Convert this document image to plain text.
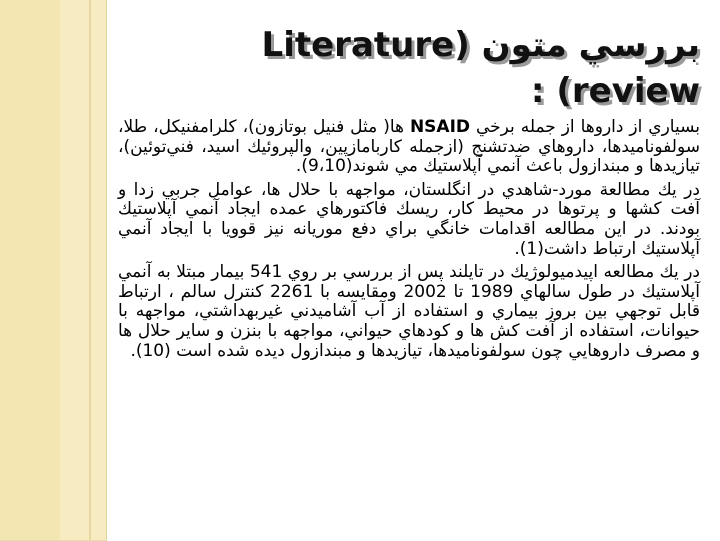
بررسي متون (Literature
review) :

بسياري از داروها از جمله برخي NSAID ها( مثل فنيل بوتازون)، كلرامفنيكل، طلا، سولفوناميدها، داروهاي ضدتشنج (ازجمله كاربامازپين، والپروئيك اسيد، فني‌توئين)، تيازيدها و مبندازول باعث آنمي آپلاستيك مي شوند(9،10).

در يك مطالعة مورد-شاهدي در انگلستان، مواجهه با حلال ها، عوامل جربي زدا و آفت كشها و پرتوها در محيط كار، ريسك فاكتورهاي عمده ايجاد آنمي آپلاستيك بودند. در اين مطالعه اقدامات خانگي براي دفع موريانه نيز قوويا با ايجاد آنمي آپلاستيك ارتباط داشت(1).

در يك مطالعه اپيدميولوژيك در تايلند پس از بررسي بر روي 541 بيمار مبتلا به آنمي آپلاستيك در طول سالهاي 1989 تا 2002 ومقايسه با 2261 كنترل سالم ، ارتباط قابل توجهي بين بروز بيماري و استفاده از آب آشاميدني غيربهداشتي، مواجهه با حيوانات، استفاده از آفت كش ها و كودهاي حيواني، مواجهه با بنزن و ساير حلال ها و مصرف داروهايي چون سولفوناميدها، تيازيدها و مبندازول ديده شده است (10).
